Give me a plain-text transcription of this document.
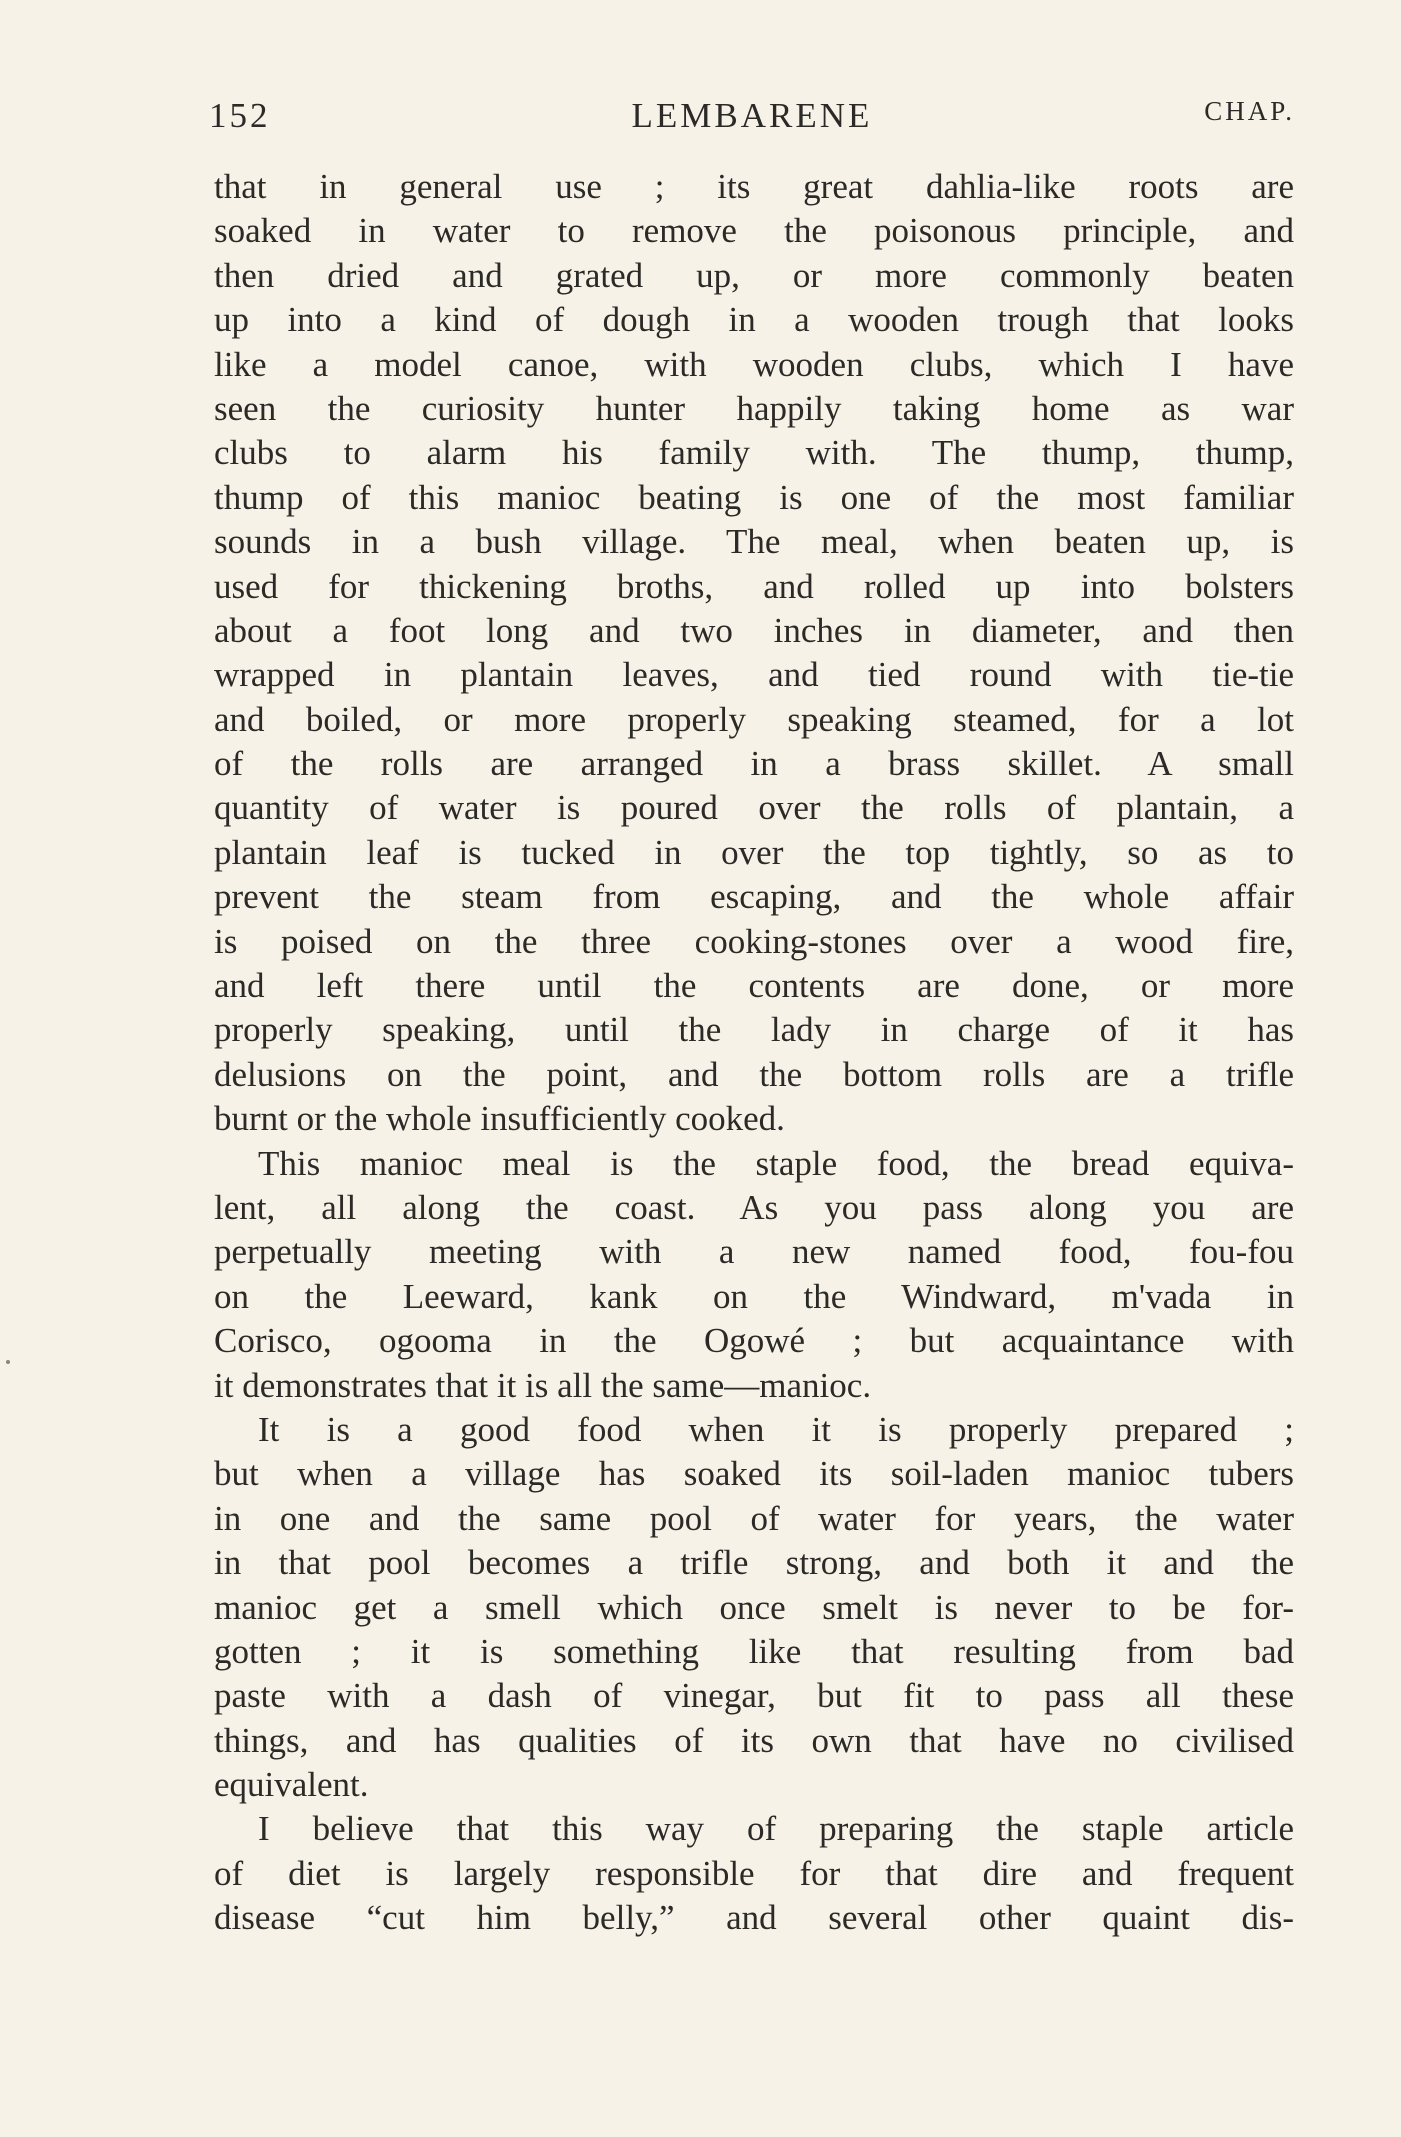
152	LEMBARENE	CHAP.
that in general use ; its great dahlia-like roots are
soaked in water to remove the poisonous principle, and
then dried and grated up, or more commonly beaten
up into a kind of dough in a wooden trough that looks
like a model canoe, with wooden clubs, which I have
seen the curiosity hunter happily taking home as war
clubs to alarm his family with. The thump, thump,
thump of this manioc beating is one of the most familiar
sounds in a bush village. The meal, when beaten up, is
used for thickening broths, and rolled up into bolsters
about a foot long and two inches in diameter, and then
wrapped in plantain leaves, and tied round with tie-tie
and boiled, or more properly speaking steamed, for a lot
of the rolls are arranged in a brass skillet. A small
quantity of water is poured over the rolls of plantain, a
plantain leaf is tucked in over the top tightly, so as to
prevent the steam from escaping, and the whole affair
is poised on the three cooking-stones over a wood fire,
and left there until the contents are done, or more
properly speaking, until the lady in charge of it has
delusions on the point, and the bottom rolls are a trifle
burnt or the whole insufficiently cooked.
This manioc meal is the staple food, the bread equiva-
lent, all along the coast. As you pass along you are
perpetually meeting with a new named food, fou-fou
on the Leeward, kank on the Windward, m'vada in
Corisco, ogooma in the Ogowé ; but acquaintance with
it demonstrates that it is all the same—manioc.
It is a good food when it is properly prepared ;
but when a village has soaked its soil-laden manioc tubers
in one and the same pool of water for years, the water
in that pool becomes a trifle strong, and both it and the
manioc get a smell which once smelt is never to be for-
gotten ; it is something like that resulting from bad
paste with a dash of vinegar, but fit to pass all these
things, and has qualities of its own that have no civilised
equivalent.
I believe that this way of preparing the staple article
of diet is largely responsible for that dire and frequent
disease “cut him belly,” and several other quaint dis-
